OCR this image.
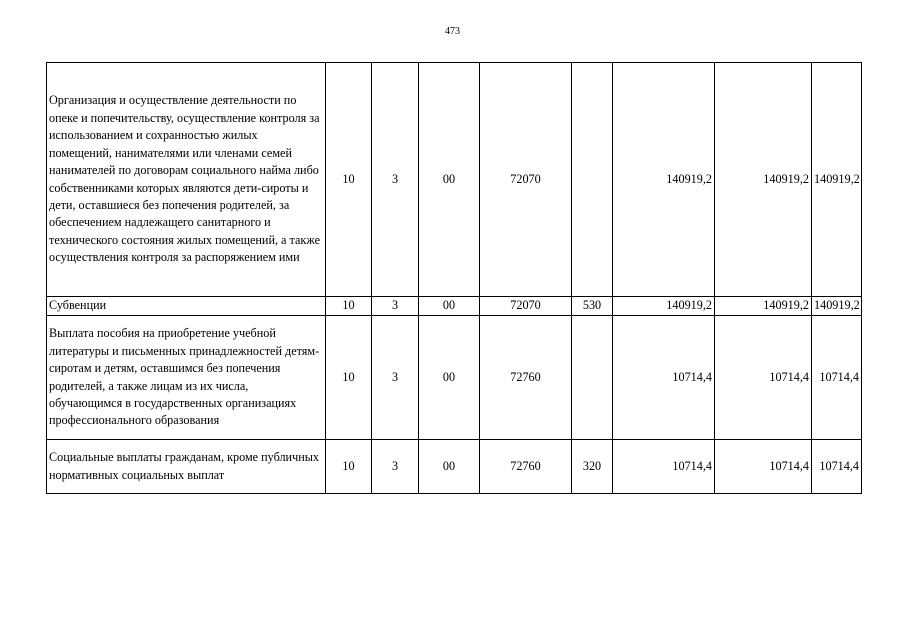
473
Организация и осуществление деятельности по опеке и попечительству, осуществление контроля за использованием и сохранностью жилых помещений, нанимателями или членами семей нанимателей по договорам социального найма либо собственниками которых являются дети-сироты и дети, оставшиеся без попечения родителей, за обеспечением надлежащего санитарного и технического состояния жилых помещений, а также осуществления контроля за распоряжением ими	10	3	00	72070		140919,2	140919,2	140919,2
Субвенции	10	3	00	72070	530	140919,2	140919,2	140919,2
Выплата пособия на приобретение учебной литературы и письменных принадлежностей детям-сиротам и детям, оставшимся без попечения родителей, а также лицам из их числа, обучающимся в государственных организациях профессионального образования	10	3	00	72760		10714,4	10714,4	10714,4
Социальные выплаты гражданам, кроме публичных нормативных социальных выплат	10	3	00	72760	320	10714,4	10714,4	10714,4
